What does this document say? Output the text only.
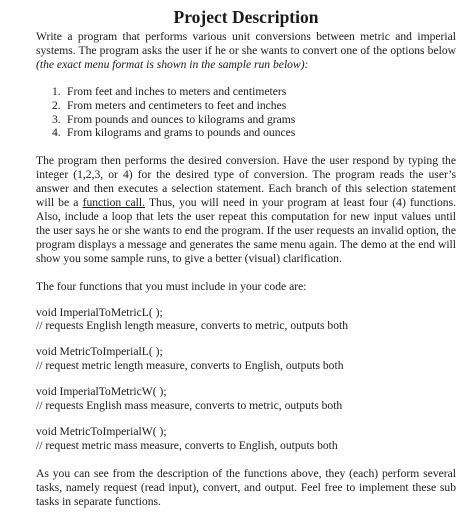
Project Description

Write a program that performs various unit conversions between metric and imperial systems. The program asks the user if he or she wants to convert one of the options below (the exact menu format is shown in the sample run below):

1. From feet and inches to meters and centimeters
2. From meters and centimeters to feet and inches
3. From pounds and ounces to kilograms and grams
4. From kilograms and grams to pounds and ounces

The program then performs the desired conversion. Have the user respond by typing the integer (1,2,3, or 4) for the desired type of conversion. The program reads the user’s answer and then executes a selection statement. Each branch of this selection statement will be a function call. Thus, you will need in your program at least four (4) functions. Also, include a loop that lets the user repeat this computation for new input values until the user says he or she wants to end the program. If the user requests an invalid option, the program displays a message and generates the same menu again. The demo at the end will show you some sample runs, to give a better (visual) clarification.

The four functions that you must include in your code are:

void ImperialToMetricL( );

// requests English length measure, converts to metric, outputs both

void MetricToImperialL( );

// request metric length measure, converts to English, outputs both

void ImperialToMetricW( );

// requests English mass measure, converts to metric, outputs both

void MetricToImperialW( );

// request metric mass measure, converts to English, outputs both

As you can see from the description of the functions above, they (each) perform several tasks, namely request (read input), convert, and output. Feel free to implement these sub tasks in separate functions.
